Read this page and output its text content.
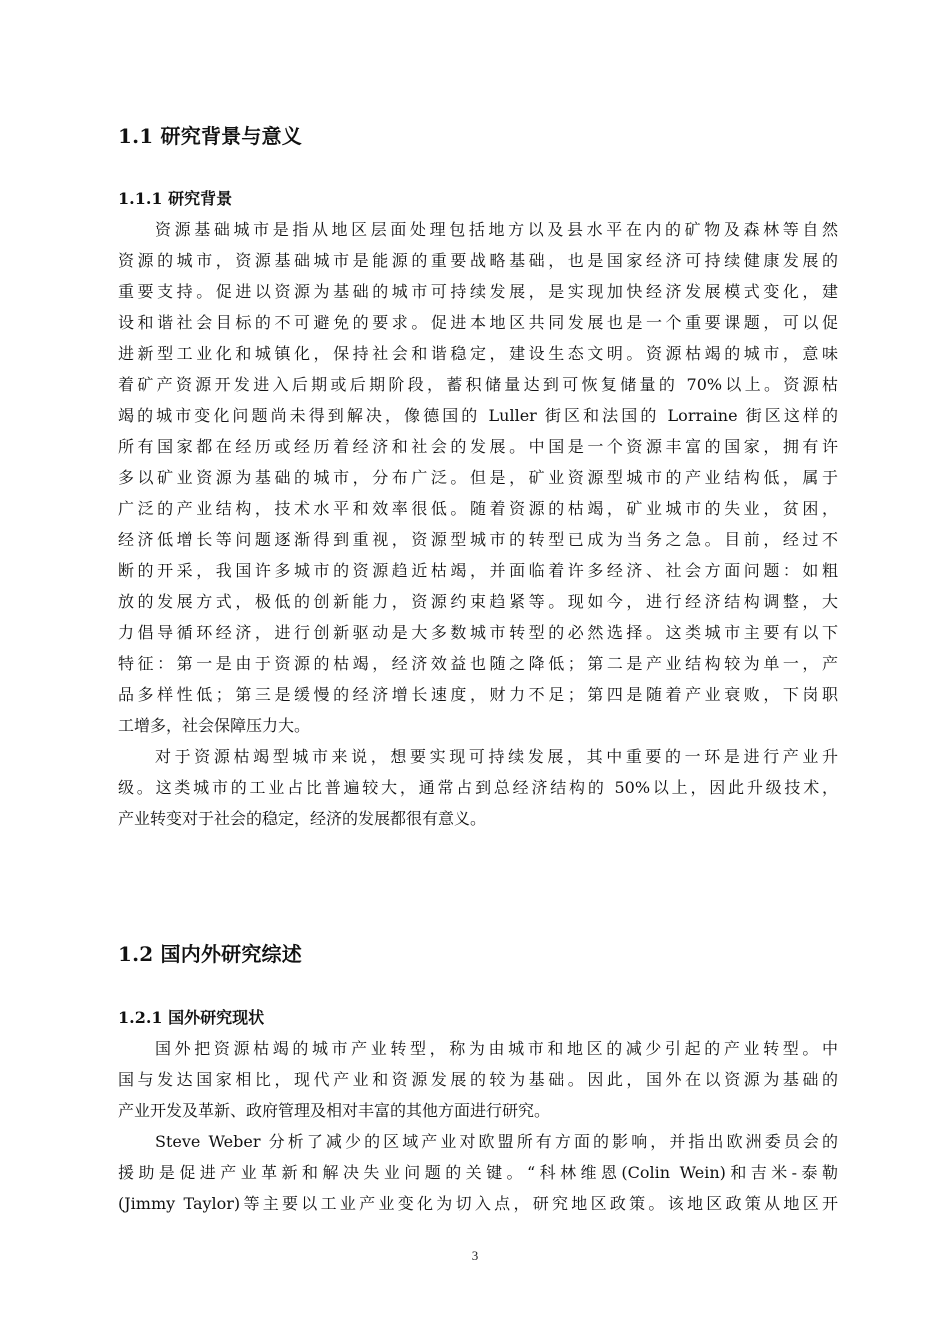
1.1 研究背景与意义
1.1.1 研究背景
资源基础城市是指从地区层面处理包括地方以及县水平在内的矿物及森林等自然
资源的城市，资源基础城市是能源的重要战略基础，也是国家经济可持续健康发展的
重要支持。促进以资源为基础的城市可持续发展，是实现加快经济发展模式变化，建
设和谐社会目标的不可避免的要求。促进本地区共同发展也是一个重要课题，可以促
进新型工业化和城镇化，保持社会和谐稳定，建设生态文明。资源枯竭的城市，意味
着矿产资源开发进入后期或后期阶段，蓄积储量达到可恢复储量的 70%以上。资源枯
竭的城市变化问题尚未得到解决，像德国的 Luller 街区和法国的 Lorraine 街区这样的
所有国家都在经历或经历着经济和社会的发展。中国是一个资源丰富的国家，拥有许
多以矿业资源为基础的城市，分布广泛。但是，矿业资源型城市的产业结构低，属于
广泛的产业结构，技术水平和效率很低。随着资源的枯竭，矿业城市的失业，贫困，
经济低增长等问题逐渐得到重视，资源型城市的转型已成为当务之急。目前，经过不
断的开采，我国许多城市的资源趋近枯竭，并面临着许多经济、社会方面问题：如粗
放的发展方式，极低的创新能力，资源约束趋紧等。现如今，进行经济结构调整，大
力倡导循环经济，进行创新驱动是大多数城市转型的必然选择。这类城市主要有以下
特征：第一是由于资源的枯竭，经济效益也随之降低；第二是产业结构较为单一，产
品多样性低；第三是缓慢的经济增长速度，财力不足；第四是随着产业衰败，下岗职
工增多，社会保障压力大。
对于资源枯竭型城市来说，想要实现可持续发展，其中重要的一环是进行产业升
级。这类城市的工业占比普遍较大，通常占到总经济结构的 50%以上，因此升级技术，
产业转变对于社会的稳定，经济的发展都很有意义。
1.2 国内外研究综述
1.2.1 国外研究现状
国外把资源枯竭的城市产业转型，称为由城市和地区的减少引起的产业转型。中
国与发达国家相比，现代产业和资源发展的较为基础。因此，国外在以资源为基础的
产业开发及革新、政府管理及相对丰富的其他方面进行研究。
Steve Weber 分析了减少的区域产业对欧盟所有方面的影响，并指出欧洲委员会的
援助是促进产业革新和解决失业问题的关键。“科林维恩(Colin Wein)和吉米-泰勒
(Jimmy Taylor)等主要以工业产业变化为切入点，研究地区政策。该地区政策从地区开
3
